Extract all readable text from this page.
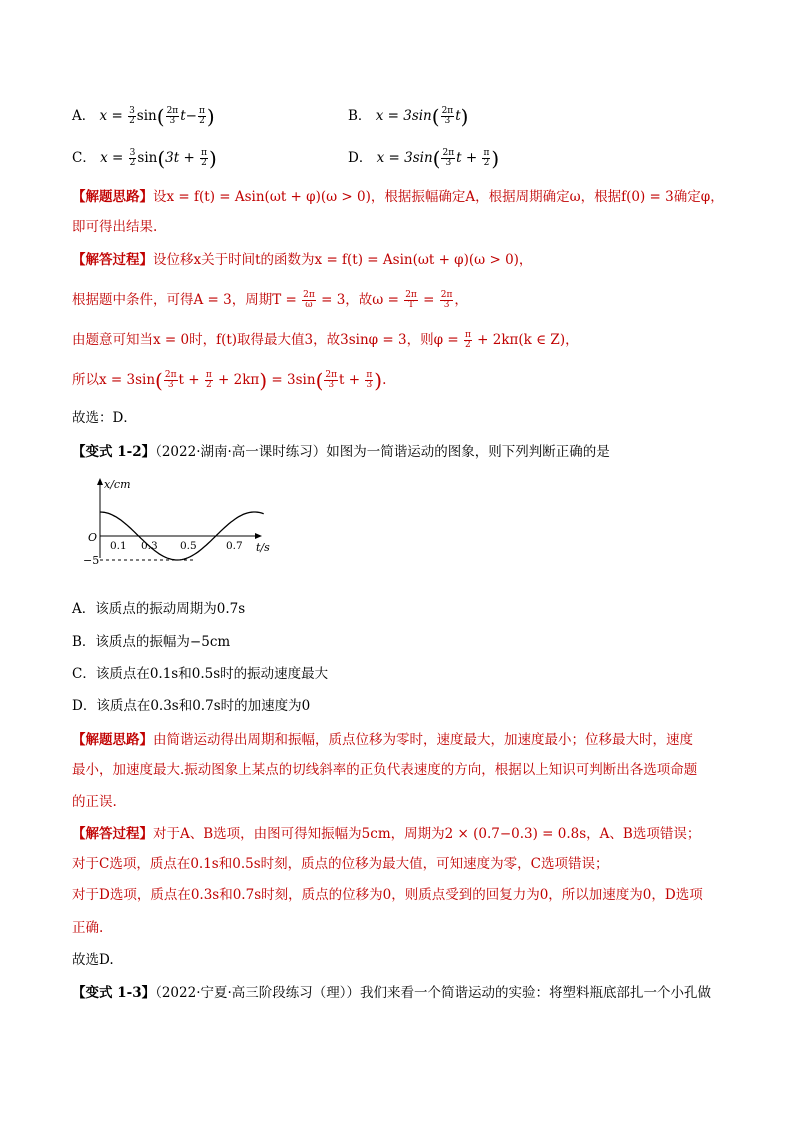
A． $x = \frac{3}{2} \sin( \frac{2\pi}{3} t- \frac{\pi}{2}$ )	B． $x = 3\sin( \frac{2\pi}{3} t)$
C． $x = \frac{3}{2} \sin(3t + \frac{\pi}{2}$ )	D． $x = 3\sin( \frac{2\pi}{3}$ $t + \frac{\pi}{2}$ )
【解题思路】设x = f(t) = Asin(ωt + φ)(ω > 0)，根据振幅确定A，根据周期确定ω，根据f(0) = 3确定φ，
即可得出结果.
【解答过程】设位移x关于时间t的函数为x = f(t) = Asin(ωt + φ)(ω > 0)，
根据题中条件，可得A = 3，周期$T = \frac{2\pi}{\omega} = 3$，故$\omega = \frac{2\pi}{T} = \frac{2\pi}{3}$ ，
由题意可知当x = 0时，f(t)取得最大值3，故3sinφ = 3，则$\varphi = \frac{\pi}{2} + 2k\pi(k$ ∈ Z)，
所以$x = 3\sin( \frac{2\pi}{3}$ $t + \frac{\pi}{2} + 2k\pi) = 3\sin( \frac{2\pi}{3}$ $t + \frac{\pi}{3}$ ).
故选：D．
【变式 1-2】（2022·湖南·高一课时练习）如图为一简谐运动的图象，则下列判断正确的是
x/cm
t/s
O
−5
0.1 0.3 0.5	0.7
A．该质点的振动周期为0.7s
B．该质点的振幅为−5cm
C．该质点在0.1s和0.5s时的振动速度最大
D．该质点在0.3s和0.7s时的加速度为0
【解题思路】由简谐运动得出周期和振幅，质点位移为零时，速度最大，加速度最小；位移最大时，速度
最小，加速度最大.振动图象上某点的切线斜率的正负代表速度的方向，根据以上知识可判断出各选项命题
的正误.
【解答过程】对于A、B选项，由图可得知振幅为5cm，周期为2 × (0.7−0.3) = 0.8s，A、B选项错误；
对于C选项，质点在0.1s和0.5s时刻，质点的位移为最大值，可知速度为零，C选项错误；
对于D选项，质点在0.3s和0.7s时刻，质点的位移为0，则质点受到的回复力为0，所以加速度为0，D选项
正确.
故选D.
【变式 1-3】（2022·宁夏·高三阶段练习（理））我们来看一个简谐运动的实验：将塑料瓶底部扎一个小孔做
